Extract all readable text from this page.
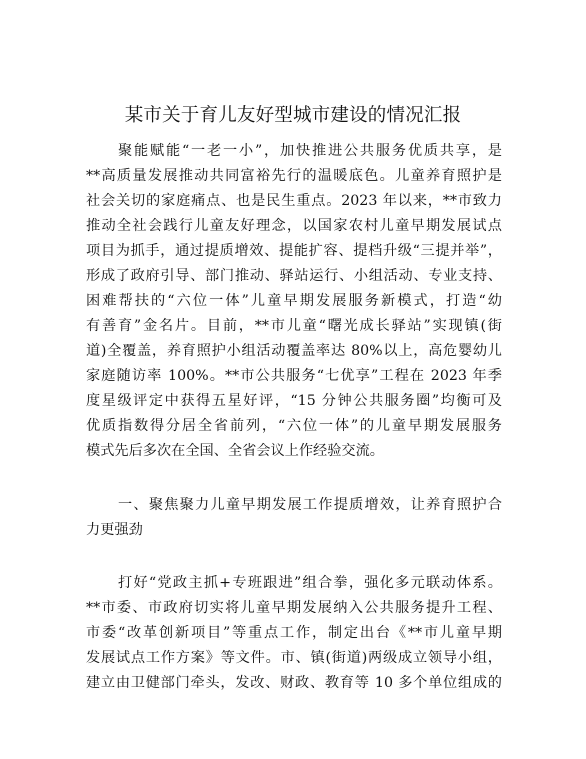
某市关于育儿友好型城市建设的情况汇报

聚能赋能“一老一小”，加快推进公共服务优质共享，是

**高质量发展推动共同富裕先行的温暖底色。儿童养育照护是

社会关切的家庭痛点、也是民生重点。2023 年以来，**市致力

推动全社会践行儿童友好理念，以国家农村儿童早期发展试点

项目为抓手，通过提质增效、提能扩容、提档升级“三提并举”，

形成了政府引导、部门推动、驿站运行、小组活动、专业支持、

困难帮扶的“六位一体”儿童早期发展服务新模式，打造“幼

有善育”金名片。目前，**市儿童“曙光成长驿站”实现镇(街

道)全覆盖，养育照护小组活动覆盖率达 80%以上，高危婴幼儿

家庭随访率 100%。**市公共服务“七优享”工程在 2023 年季

度星级评定中获得五星好评，“15 分钟公共服务圈”均衡可及

优质指数得分居全省前列，“六位一体”的儿童早期发展服务

模式先后多次在全国、全省会议上作经验交流。

一、聚焦聚力儿童早期发展工作提质增效，让养育照护合

力更强劲

打好“党政主抓+专班跟进”组合拳，强化多元联动体系。

**市委、市政府切实将儿童早期发展纳入公共服务提升工程、

市委“改革创新项目”等重点工作，制定出台《**市儿童早期

发展试点工作方案》等文件。市、镇(街道)两级成立领导小组，

建立由卫健部门牵头，发改、财政、教育等 10 多个单位组成的
